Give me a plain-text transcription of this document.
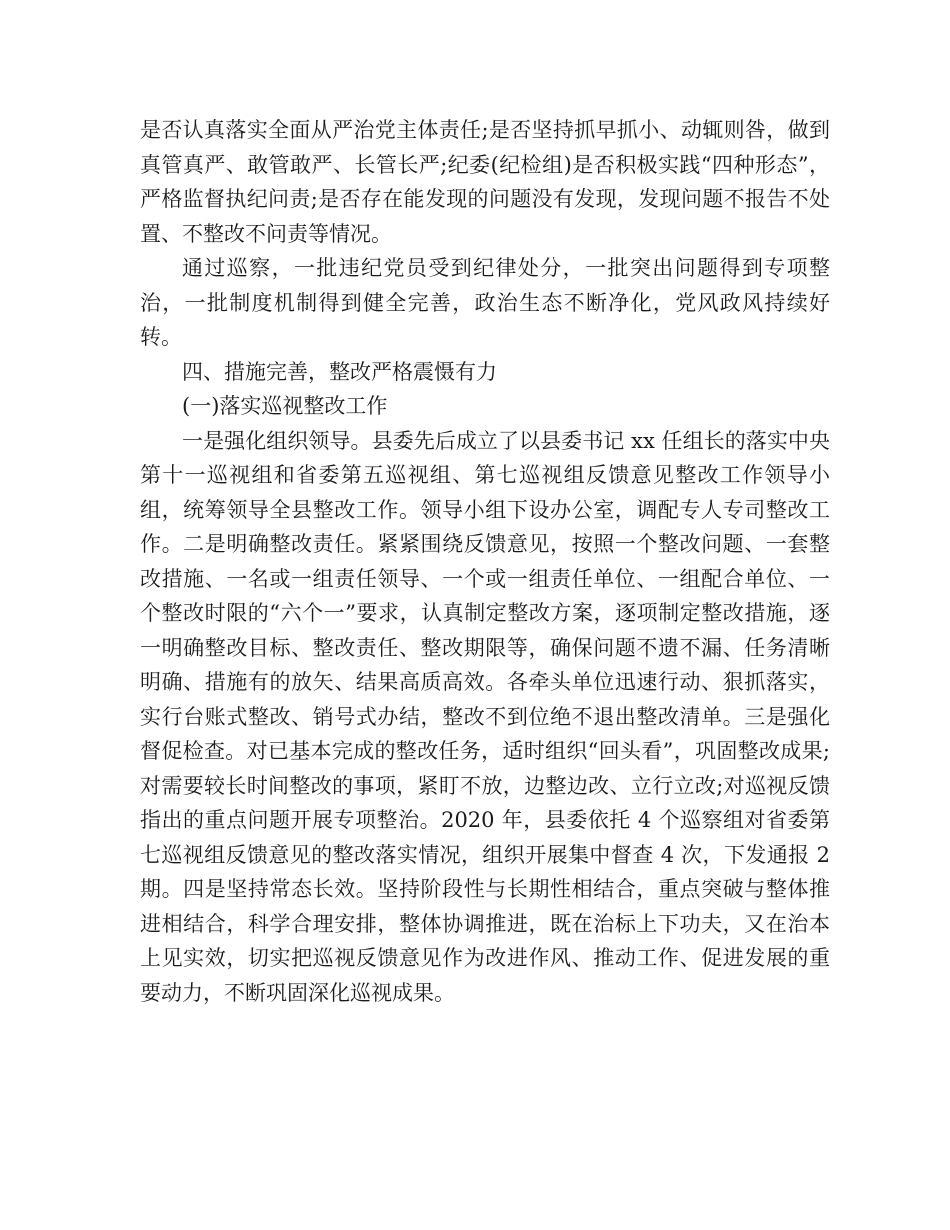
是否认真落实全面从严治党主体责任;是否坚持抓早抓小、动辄则咎，做到真管真严、敢管敢严、长管长严;纪委(纪检组)是否积极实践“四种形态”，严格监督执纪问责;是否存在能发现的问题没有发现，发现问题不报告不处置、不整改不问责等情况。

通过巡察，一批违纪党员受到纪律处分，一批突出问题得到专项整治，一批制度机制得到健全完善，政治生态不断净化，党风政风持续好转。

四、措施完善，整改严格震慑有力

(一)落实巡视整改工作

一是强化组织领导。县委先后成立了以县委书记 xx 任组长的落实中央第十一巡视组和省委第五巡视组、第七巡视组反馈意见整改工作领导小组，统筹领导全县整改工作。领导小组下设办公室，调配专人专司整改工作。二是明确整改责任。紧紧围绕反馈意见，按照一个整改问题、一套整改措施、一名或一组责任领导、一个或一组责任单位、一组配合单位、一个整改时限的“六个一”要求，认真制定整改方案，逐项制定整改措施，逐一明确整改目标、整改责任、整改期限等，确保问题不遗不漏、任务清晰明确、措施有的放矢、结果高质高效。各牵头单位迅速行动、狠抓落实，实行台账式整改、销号式办结，整改不到位绝不退出整改清单。三是强化督促检查。对已基本完成的整改任务，适时组织“回头看”，巩固整改成果;对需要较长时间整改的事项，紧盯不放，边整边改、立行立改;对巡视反馈指出的重点问题开展专项整治。2020 年，县委依托 4 个巡察组对省委第七巡视组反馈意见的整改落实情况，组织开展集中督查 4 次，下发通报 2 期。四是坚持常态长效。坚持阶段性与长期性相结合，重点突破与整体推进相结合，科学合理安排，整体协调推进，既在治标上下功夫，又在治本上见实效，切实把巡视反馈意见作为改进作风、推动工作、促进发展的重要动力，不断巩固深化巡视成果。
